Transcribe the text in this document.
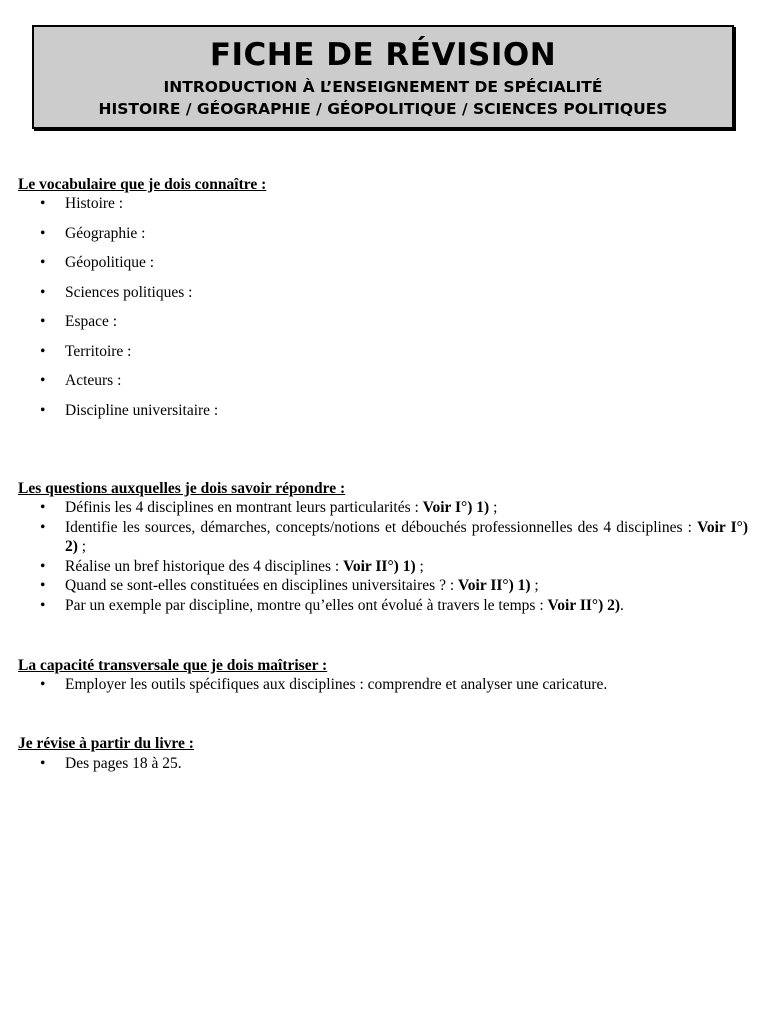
FICHE DE RÉVISION
INTRODUCTION À L’ENSEIGNEMENT DE SPÉCIALITÉ
HISTOIRE / GÉOGRAPHIE / GÉOPOLITIQUE / SCIENCES POLITIQUES
Le vocabulaire que je dois connaître :
• Histoire :
• Géographie :
• Géopolitique :
• Sciences politiques :
• Espace :
• Territoire :
• Acteurs :
• Discipline universitaire :
Les questions auxquelles je dois savoir répondre :
• Définis les 4 disciplines en montrant leurs particularités : Voir I°) 1) ;
• Identifie les sources, démarches, concepts/notions et débouchés professionnelles des 4 disciplines : Voir I°) 2) ;
• Réalise un bref historique des 4 disciplines : Voir II°) 1) ;
• Quand se sont-elles constituées en disciplines universitaires ? : Voir II°) 1) ;
• Par un exemple par discipline, montre qu’elles ont évolué à travers le temps : Voir II°) 2).
La capacité transversale que je dois maîtriser :
• Employer les outils spécifiques aux disciplines : comprendre et analyser une caricature.
Je révise à partir du livre :
• Des pages 18 à 25.
